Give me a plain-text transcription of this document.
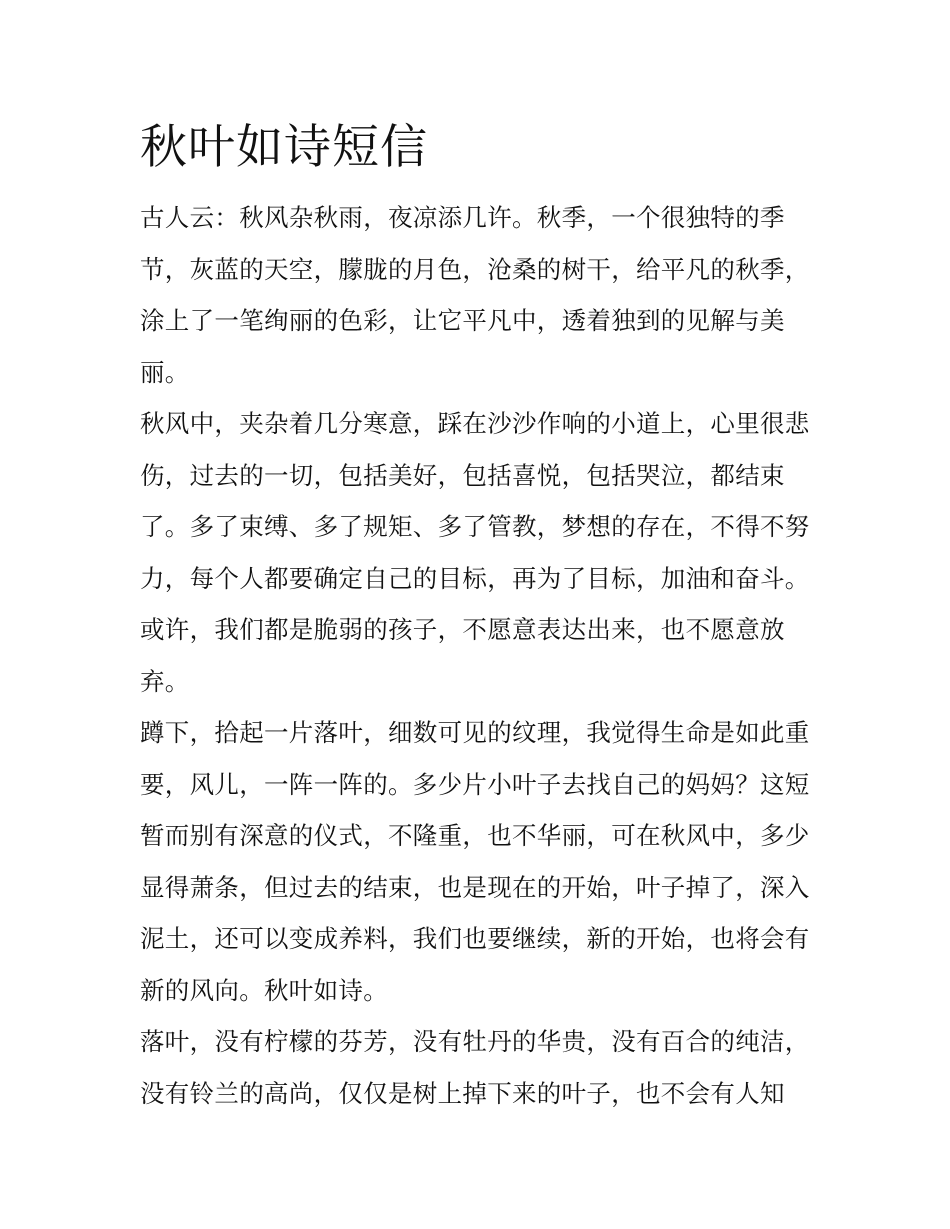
秋叶如诗短信

古人云：秋风杂秋雨，夜凉添几许。秋季，一个很独特的季节，灰蓝的天空，朦胧的月色，沧桑的树干，给平凡的秋季，涂上了一笔绚丽的色彩，让它平凡中，透着独到的见解与美丽。

秋风中，夹杂着几分寒意，踩在沙沙作响的小道上，心里很悲伤，过去的一切，包括美好，包括喜悦，包括哭泣，都结束了。多了束缚、多了规矩、多了管教，梦想的存在，不得不努力，每个人都要确定自己的目标，再为了目标，加油和奋斗。或许，我们都是脆弱的孩子，不愿意表达出来，也不愿意放弃。

蹲下，拾起一片落叶，细数可见的纹理，我觉得生命是如此重要，风儿，一阵一阵的。多少片小叶子去找自己的妈妈？这短暂而别有深意的仪式，不隆重，也不华丽，可在秋风中，多少显得萧条，但过去的结束，也是现在的开始，叶子掉了，深入泥土，还可以变成养料，我们也要继续，新的开始，也将会有新的风向。秋叶如诗。

落叶，没有柠檬的芬芳，没有牡丹的华贵，没有百合的纯洁，没有铃兰的高尚，仅仅是树上掉下来的叶子，也不会有人知
